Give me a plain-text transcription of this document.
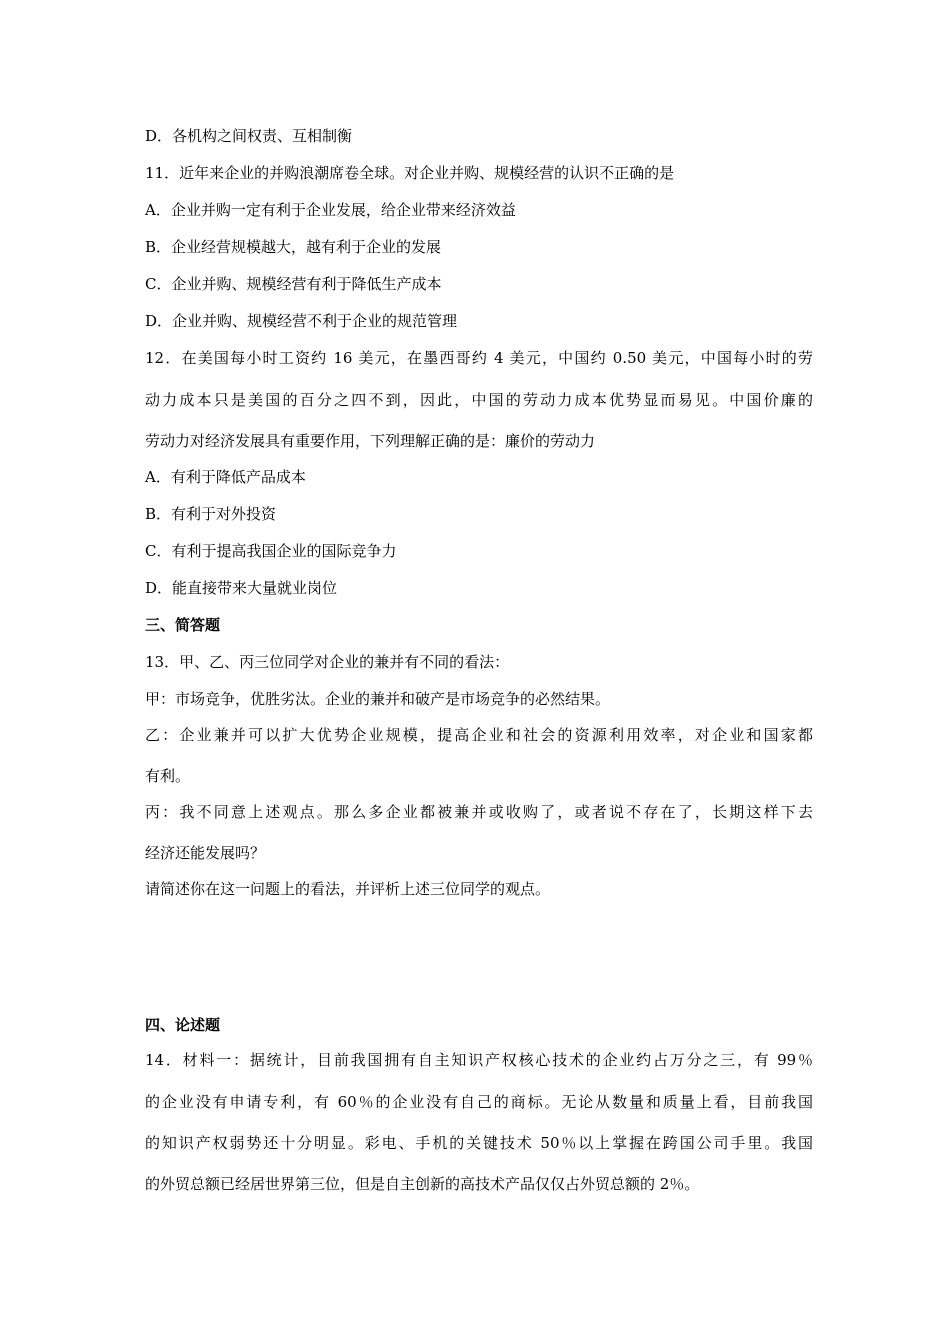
D．各机构之间权责、互相制衡
11．近年来企业的并购浪潮席卷全球。对企业并购、规模经营的认识不正确的是
A．企业并购一定有利于企业发展，给企业带来经济效益
B．企业经营规模越大，越有利于企业的发展
C．企业并购、规模经营有利于降低生产成本
D．企业并购、规模经营不利于企业的规范管理
12．在美国每小时工资约 16 美元，在墨西哥约 4 美元，中国约 0.50 美元，中国每小时的劳
动力成本只是美国的百分之四不到，因此，中国的劳动力成本优势显而易见。中国价廉的
劳动力对经济发展具有重要作用，下列理解正确的是：廉价的劳动力
A．有利于降低产品成本
B．有利于对外投资
C．有利于提高我国企业的国际竞争力
D．能直接带来大量就业岗位
三、简答题
13．甲、乙、丙三位同学对企业的兼并有不同的看法：
甲：市场竞争，优胜劣汰。企业的兼并和破产是市场竞争的必然结果。
乙：企业兼并可以扩大优势企业规模，提高企业和社会的资源利用效率，对企业和国家都
有利。
丙：我不同意上述观点。那么多企业都被兼并或收购了，或者说不存在了，长期这样下去
经济还能发展吗？
请简述你在这一问题上的看法，并评析上述三位同学的观点。
四、论述题
14．材料一：据统计，目前我国拥有自主知识产权核心技术的企业约占万分之三，有 99％
的企业没有申请专利，有 60％的企业没有自己的商标。无论从数量和质量上看，目前我国
的知识产权弱势还十分明显。彩电、手机的关键技术 50％以上掌握在跨国公司手里。我国
的外贸总额已经居世界第三位，但是自主创新的高技术产品仅仅占外贸总额的 2％。
